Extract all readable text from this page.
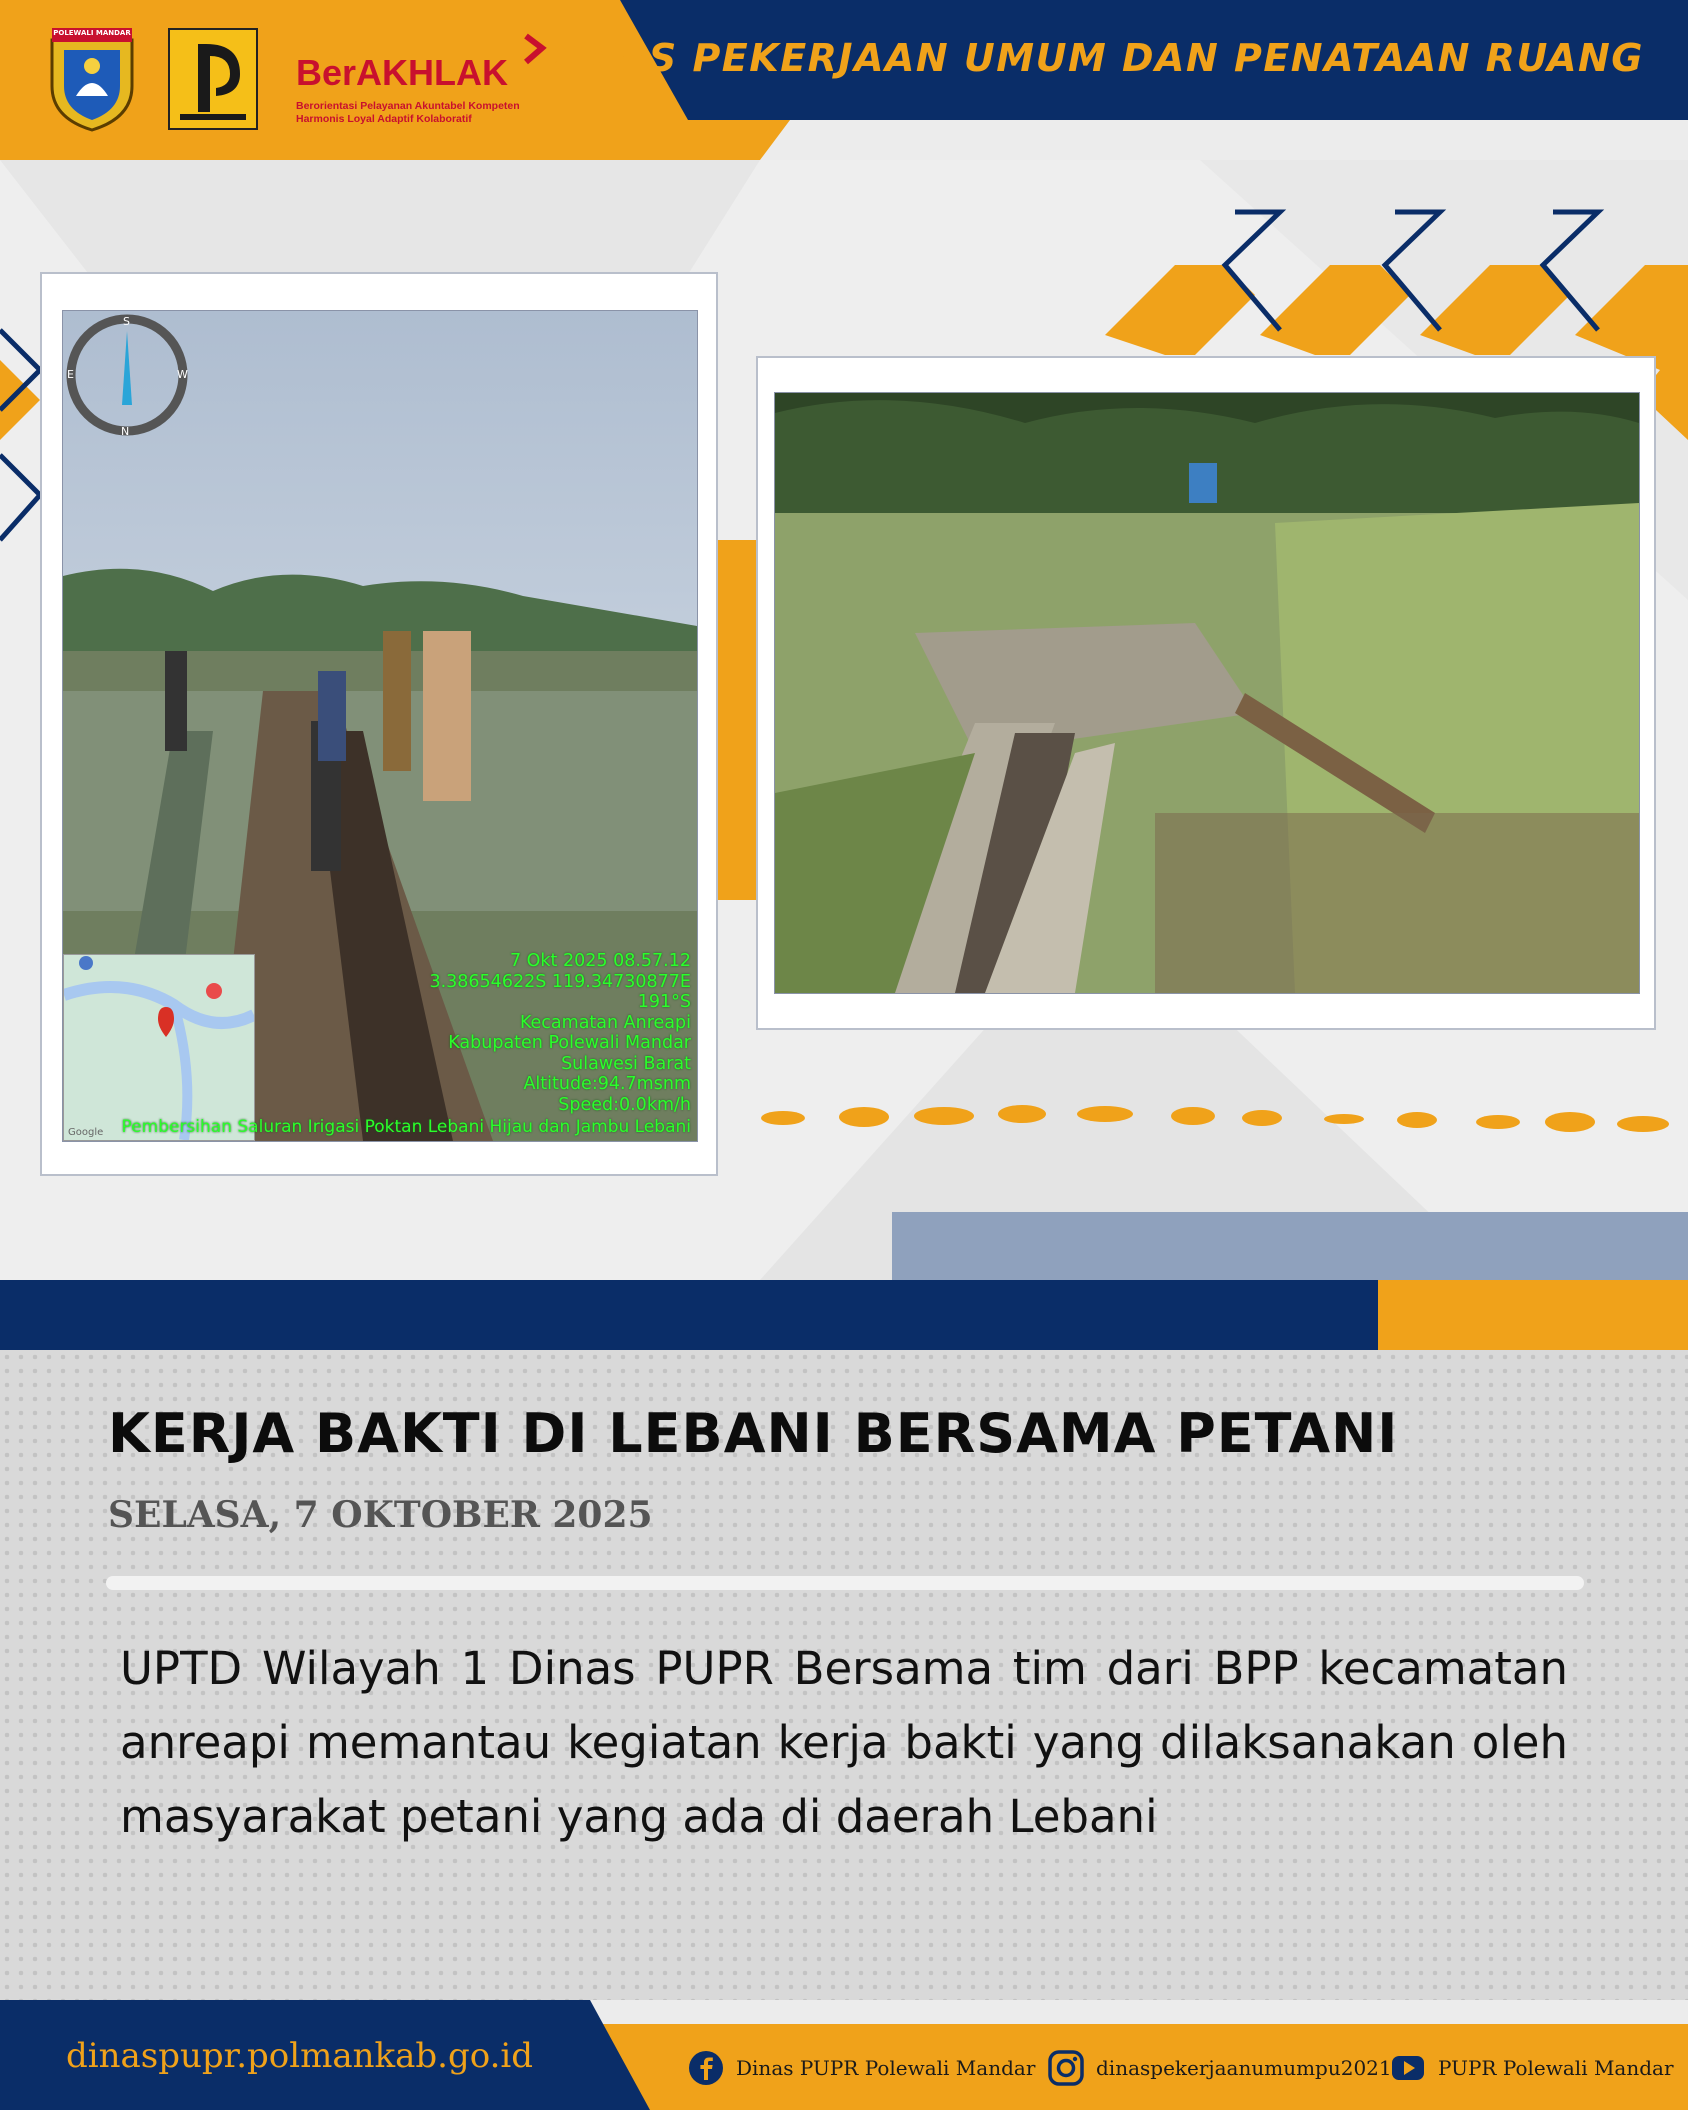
DINAS PEKERJAAN UMUM DAN PENATAAN RUANG
POLEWALI MANDAR
BerAKHLAK
Berorientasi Pelayanan Akuntabel Kompeten
Harmonis Loyal Adaptif Kolaboratif
S
W
N
E
Google
7 Okt 2025 08.57.12
3.38654622S 119.34730877E
191°S
Kecamatan Anreapi
Kabupaten Polewali Mandar
Sulawesi Barat
Altitude:94.7msnm
Speed:0.0km/h
Pembersihan Saluran Irigasi Poktan Lebani Hijau dan Jambu Lebani
KERJA BAKTI DI LEBANI BERSAMA PETANI
SELASA, 7 OKTOBER 2025
UPTD Wilayah 1 Dinas PUPR Bersama tim dari BPP kecamatan anreapi memantau kegiatan kerja bakti yang dilaksanakan oleh masyarakat petani yang ada di daerah Lebani
dinaspupr.polmankab.go.id	Dinas PUPR Polewali Mandar	dinaspekerjaanumumpu2021 PUPR Polewali Mandar
